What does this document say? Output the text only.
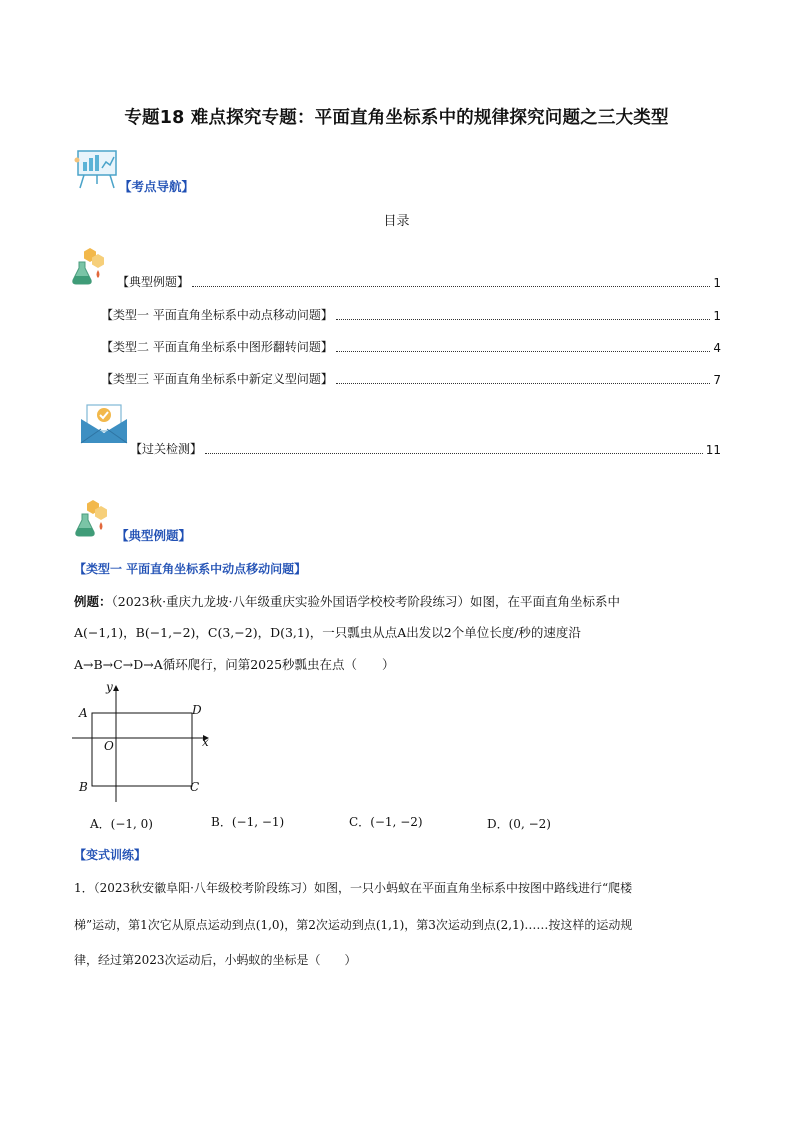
专题18 难点探究专题：平面直角坐标系中的规律探究问题之三大类型
【考点导航】
目录
【典型例题】	1
【类型一 平面直角坐标系中动点移动问题】	1
【类型二 平面直角坐标系中图形翻转问题】	4
【类型三 平面直角坐标系中新定义型问题】	7
【过关检测】	11
【典型例题】
【类型一 平面直角坐标系中动点移动问题】
例题：（2023秋·重庆九龙坡·八年级重庆实验外国语学校校考阶段练习）如图，在平面直角坐标系中
A(−1,1)，B(−1,−2)，C(3,−2)，D(3,1)，一只瓢虫从点A出发以2个单位长度/秒的速度沿
A→B→C→D→A循环爬行，问第2025秒瓢虫在点（　　）
y
x
O
A
B	C
D
A．(−1, 0)	B．(−1, −1)	C．(−1, −2)	D．(0, −2)
【变式训练】
1．（2023秋安徽阜阳·八年级校考阶段练习）如图，一只小蚂蚁在平面直角坐标系中按图中路线进行“爬楼
梯”运动，第1次它从原点运动到点(1,0)，第2次运动到点(1,1)，第3次运动到点(2,1)……按这样的运动规
律，经过第2023次运动后，小蚂蚁的坐标是（　　）
